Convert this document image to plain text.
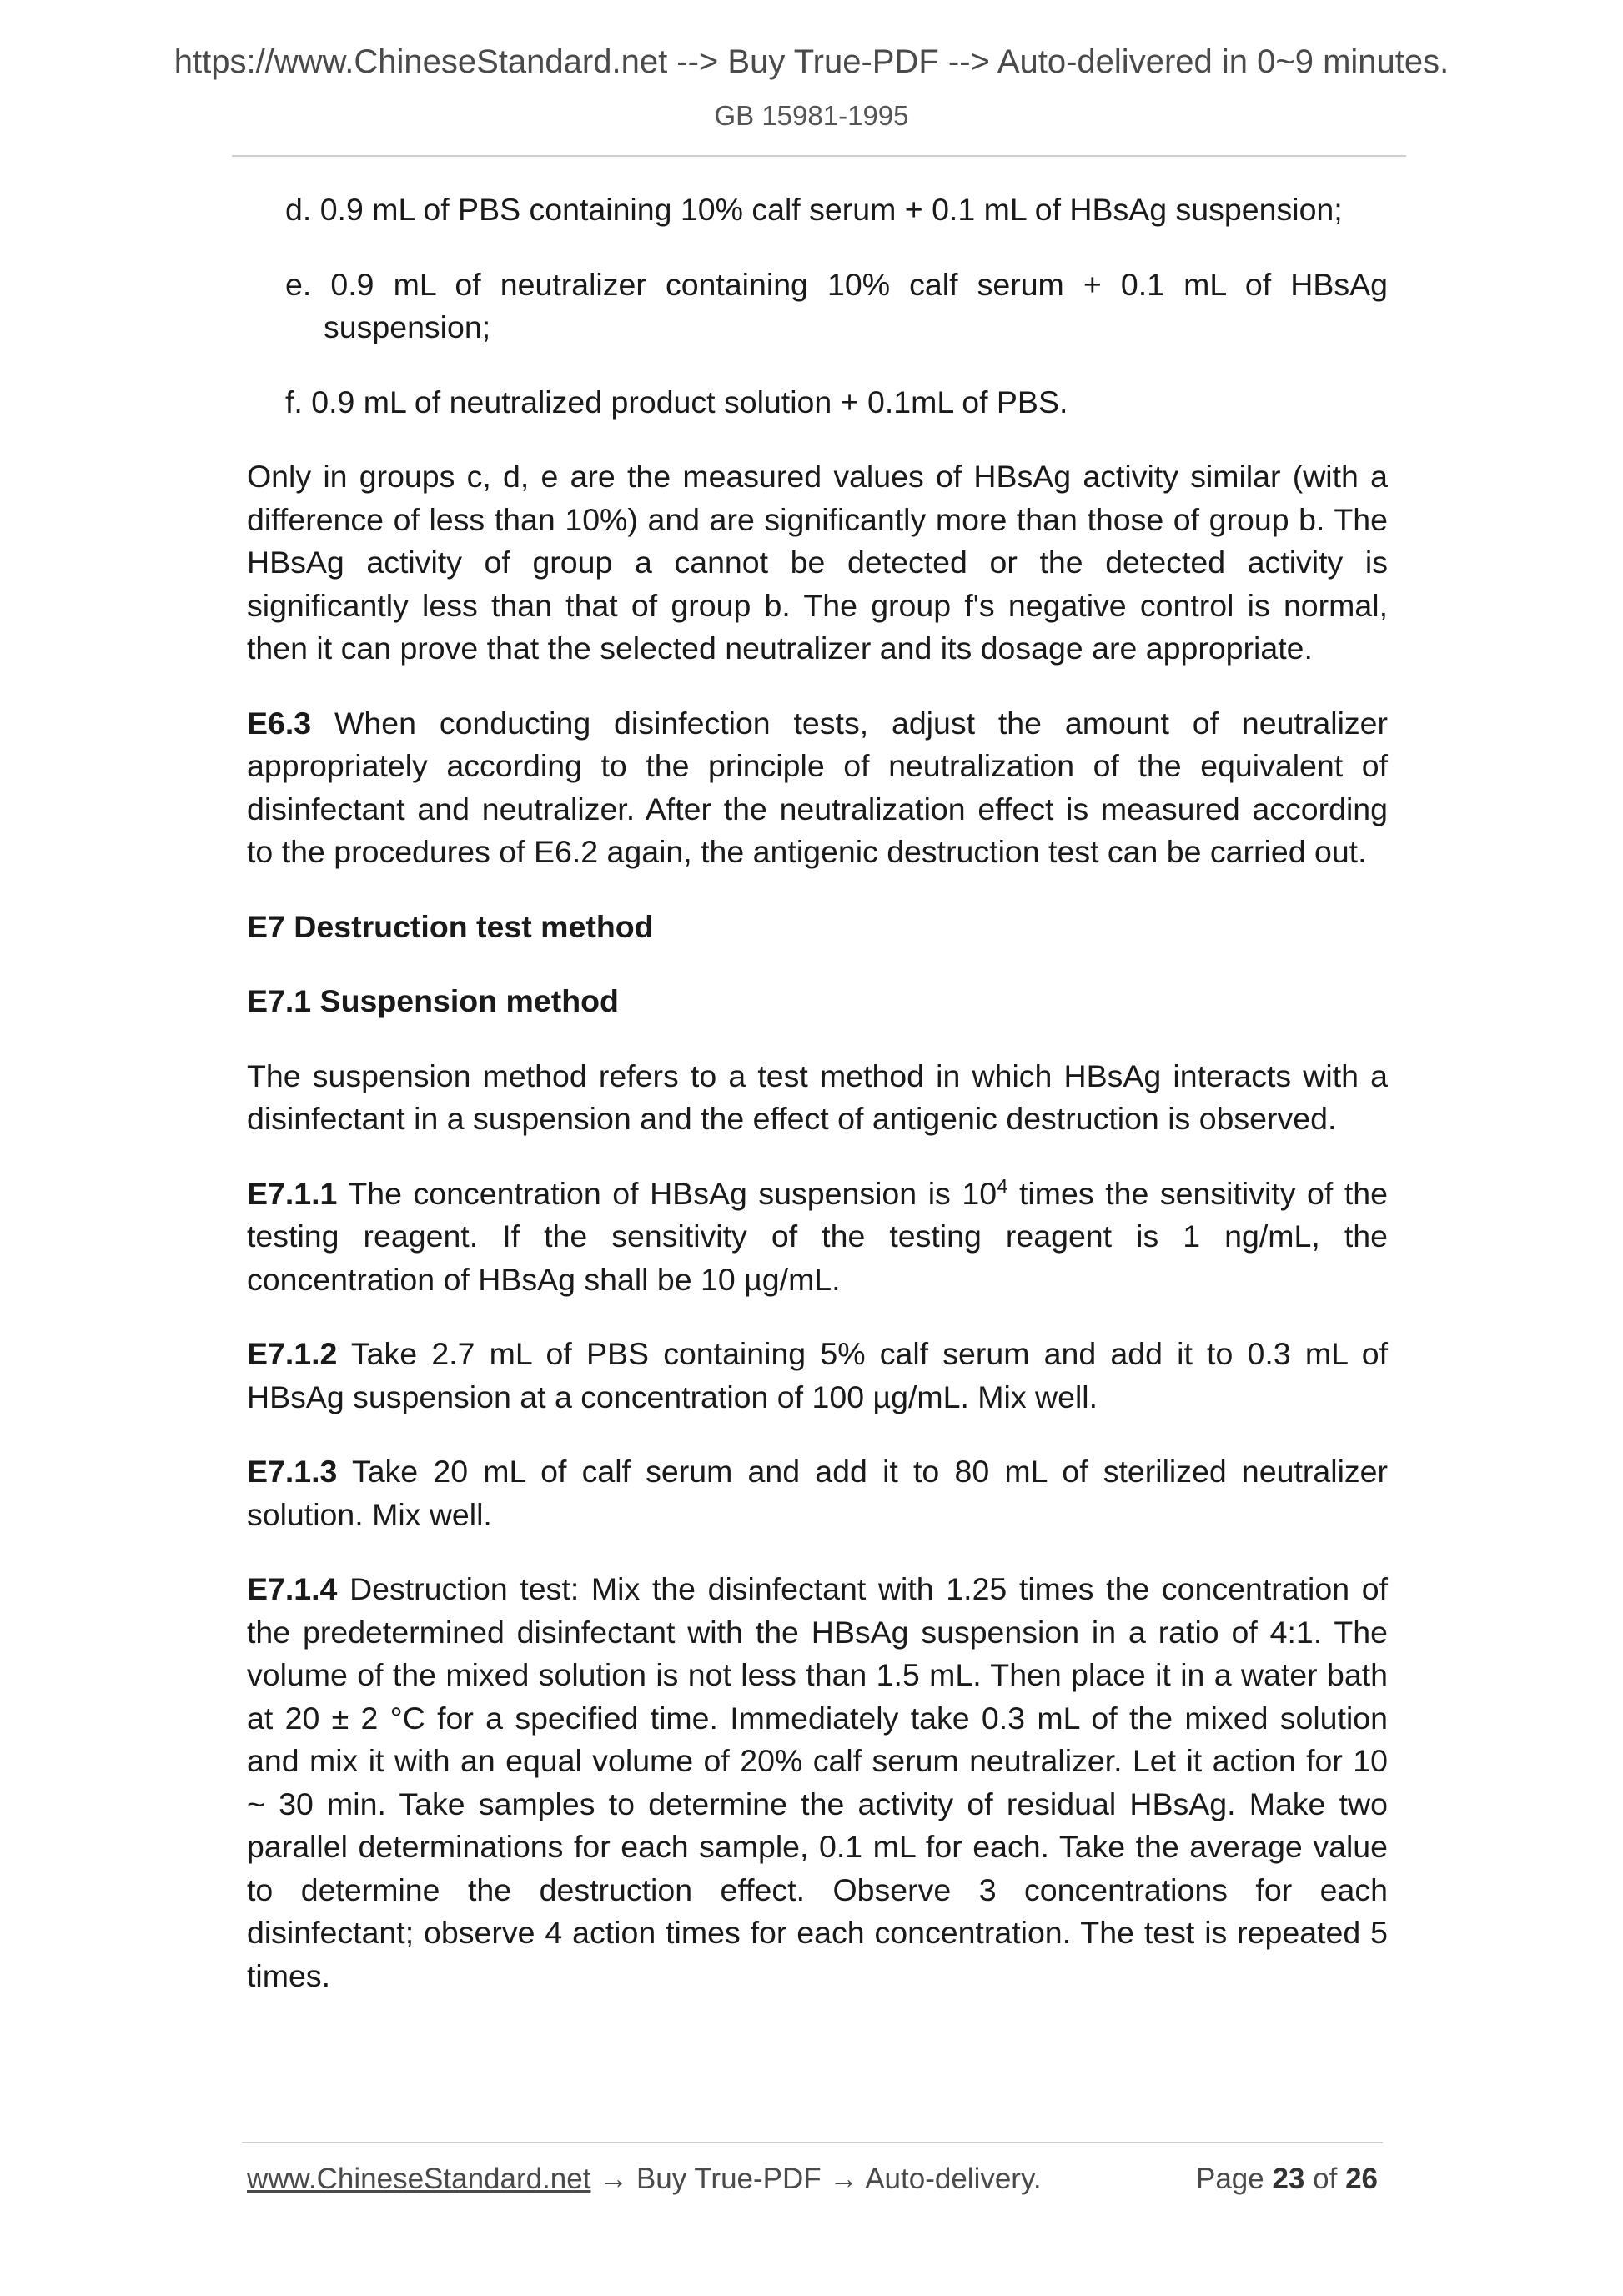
https://www.ChineseStandard.net --> Buy True-PDF --> Auto-delivered in 0~9 minutes.

GB 15981-1995

d. 0.9 mL of PBS containing 10% calf serum + 0.1 mL of HBsAg suspension;

e. 0.9 mL of neutralizer containing 10% calf serum + 0.1 mL of HBsAg suspension;

f. 0.9 mL of neutralized product solution + 0.1mL of PBS.

Only in groups c, d, e are the measured values of HBsAg activity similar (with a difference of less than 10%) and are significantly more than those of group b. The HBsAg activity of group a cannot be detected or the detected activity is significantly less than that of group b. The group f's negative control is normal, then it can prove that the selected neutralizer and its dosage are appropriate.

E6.3 When conducting disinfection tests, adjust the amount of neutralizer appropriately according to the principle of neutralization of the equivalent of disinfectant and neutralizer. After the neutralization effect is measured according to the procedures of E6.2 again, the antigenic destruction test can be carried out.

E7 Destruction test method

E7.1 Suspension method

The suspension method refers to a test method in which HBsAg interacts with a disinfectant in a suspension and the effect of antigenic destruction is observed.

E7.1.1 The concentration of HBsAg suspension is $10^4$ times the sensitivity of the testing reagent. If the sensitivity of the testing reagent is 1 ng/mL, the concentration of HBsAg shall be 10 µg/mL.

E7.1.2 Take 2.7 mL of PBS containing 5% calf serum and add it to 0.3 mL of HBsAg suspension at a concentration of 100 µg/mL. Mix well.

E7.1.3 Take 20 mL of calf serum and add it to 80 mL of sterilized neutralizer solution. Mix well.

E7.1.4 Destruction test: Mix the disinfectant with 1.25 times the concentration of the predetermined disinfectant with the HBsAg suspension in a ratio of 4:1. The volume of the mixed solution is not less than 1.5 mL. Then place it in a water bath at 20 ± 2 °C for a specified time. Immediately take 0.3 mL of the mixed solution and mix it with an equal volume of 20% calf serum neutralizer. Let it action for 10 ~ 30 min. Take samples to determine the activity of residual HBsAg. Make two parallel determinations for each sample, 0.1 mL for each. Take the average value to determine the destruction effect. Observe 3 concentrations for each disinfectant; observe 4 action times for each concentration. The test is repeated 5 times.

www.ChineseStandard.net → Buy True-PDF → Auto-delivery.	Page 23 of 26
